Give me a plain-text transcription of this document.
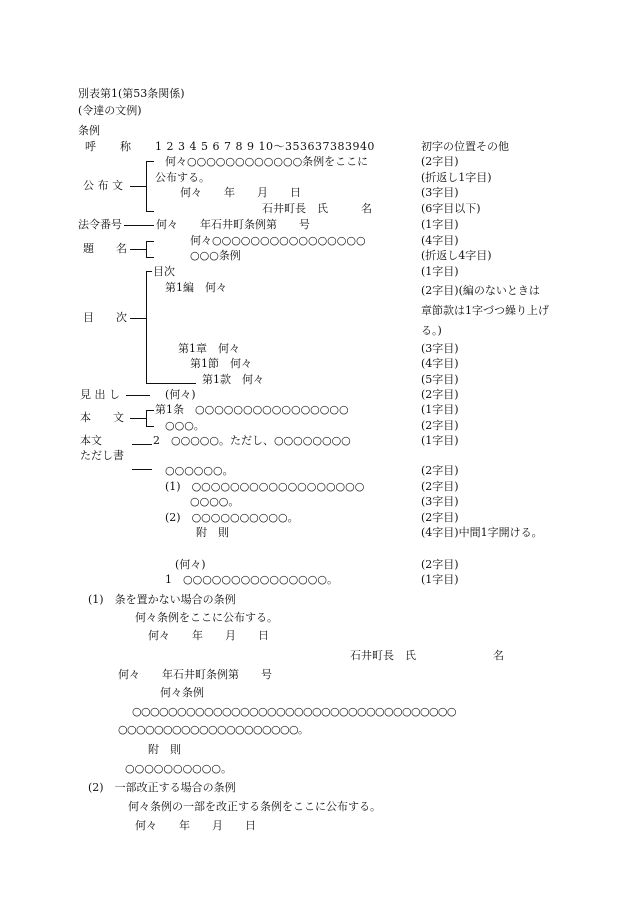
別表第1(第53条関係)
(令達の文例)
条例
呼 称 1 2 3 4 5 6 7 8 9 10～353637383940	初字の位置その他
公 布 文
何々○○○○○○○○○○○○条例をここに	(2字目)
公布する。	(折返し1字目)
何々　　年　　月　　日	(3字目)
石井町長　氏　　　名	(6字目以下)
法令番号	何々　　年石井町条例第　　号	(1字目)
題　　名
何々○○○○○○○○○○○○○○○○	(4字目)
○○○条例	(折返し4字目)
目　　次
目次	(1字目)
第1編　何々	(2字目)(編のないときは
章節款は1字づつ繰り上げ
る。)
第1章　何々	(3字目)
第1節　何々	(4字目)
第1款　何々	(5字目)
見 出 し	(何々)	(2字目)
本　　文
第1条　○○○○○○○○○○○○○○○○	(1字目)
○○○。	(2字目)
本文
ただし書
2　○○○○○。ただし、○○○○○○○○	(1字目)
○○○○○○。	(2字目)
(1)　○○○○○○○○○○○○○○○○○○	(2字目)
○○○○。	(3字目)
(2)　○○○○○○○○○○。	(2字目)
附　則	(4字目)中間1字開ける。
(何々)	(2字目)
1　○○○○○○○○○○○○○○○。	(1字目)
(1)　条を置かない場合の条例
何々条例をここに公布する。
何々　　年　　月　　日
石井町長　氏　　　　　　　名
何々　　年石井町条例第　　号
何々条例
○○○○○○○○○○○○○○○○○○○○○○○○○○○○○○○○○○○○
○○○○○○○○○○○○○○○○○○○○。
附　則
○○○○○○○○○○。
(2)　一部改正する場合の条例
何々条例の一部を改正する条例をここに公布する。
何々　　年　　月　　日
